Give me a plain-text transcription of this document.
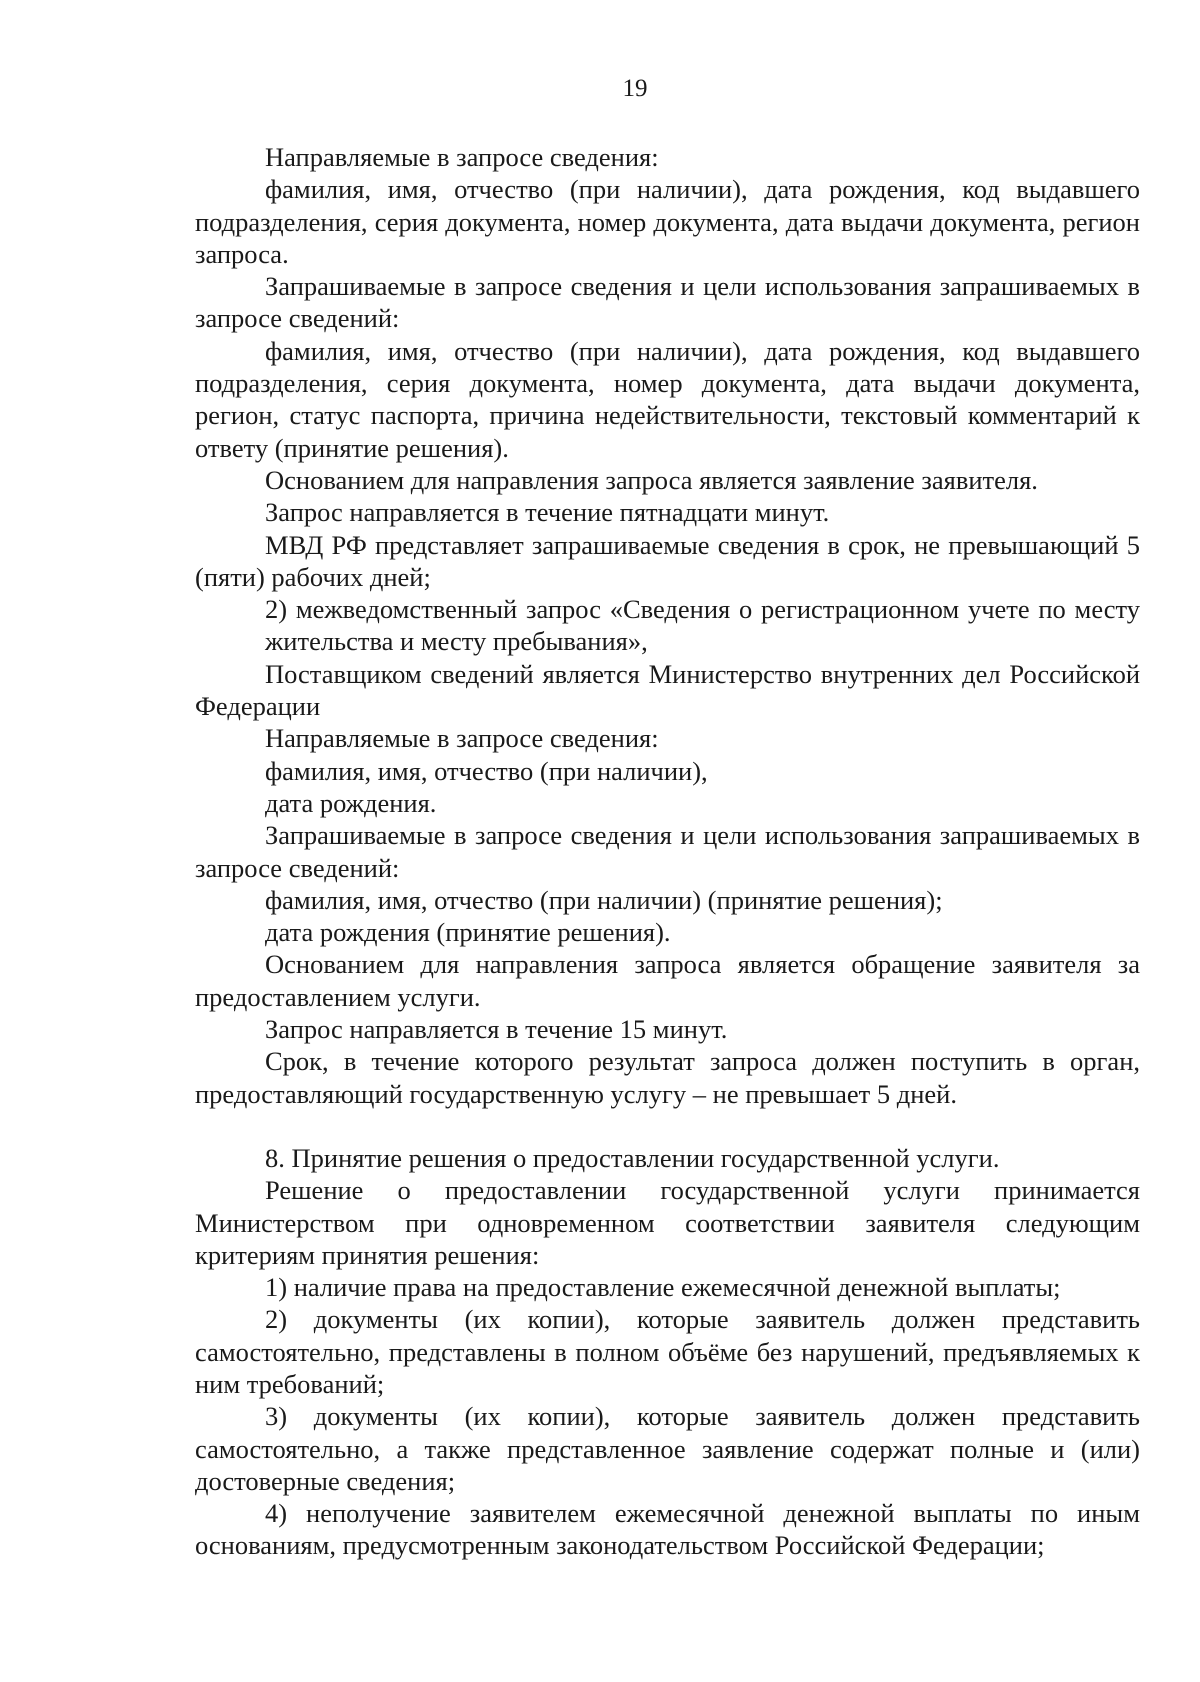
19

Направляемые в запросе сведения:

фамилия, имя, отчество (при наличии), дата рождения, код выдавшего подразделения, серия документа, номер документа, дата выдачи документа, регион запроса.

Запрашиваемые в запросе сведения и цели использования запрашиваемых в запросе сведений:

фамилия, имя, отчество (при наличии), дата рождения, код выдавшего подразделения, серия документа, номер документа, дата выдачи документа, регион, статус паспорта, причина недействительности, текстовый комментарий к ответу (принятие решения).

Основанием для направления запроса является заявление заявителя.

Запрос направляется в течение пятнадцати минут.

МВД РФ представляет запрашиваемые сведения в срок, не превышающий 5 (пяти) рабочих дней;

2) межведомственный запрос «Сведения о регистрационном учете по месту жительства и месту пребывания»,

Поставщиком сведений является Министерство внутренних дел Российской Федерации

Направляемые в запросе сведения:

фамилия, имя, отчество (при наличии),

дата рождения.

Запрашиваемые в запросе сведения и цели использования запрашиваемых в запросе сведений:

фамилия, имя, отчество (при наличии) (принятие решения);

дата рождения (принятие решения).

Основанием для направления запроса является обращение заявителя за предоставлением услуги.

Запрос направляется в течение 15 минут.

Срок, в течение которого результат запроса должен поступить в орган, предоставляющий государственную услугу – не превышает 5 дней.

8. Принятие решения о предоставлении государственной услуги.

Решение о предоставлении государственной услуги принимается Министерством при одновременном соответствии заявителя следующим критериям принятия решения:

1) наличие права на предоставление ежемесячной денежной выплаты;

2) документы (их копии), которые заявитель должен представить самостоятельно, представлены в полном объёме без нарушений, предъявляемых к ним требований;

3) документы (их копии), которые заявитель должен представить самостоятельно, а также представленное заявление содержат полные и (или) достоверные сведения;

4) неполучение заявителем ежемесячной денежной выплаты по иным основаниям, предусмотренным законодательством Российской Федерации;
